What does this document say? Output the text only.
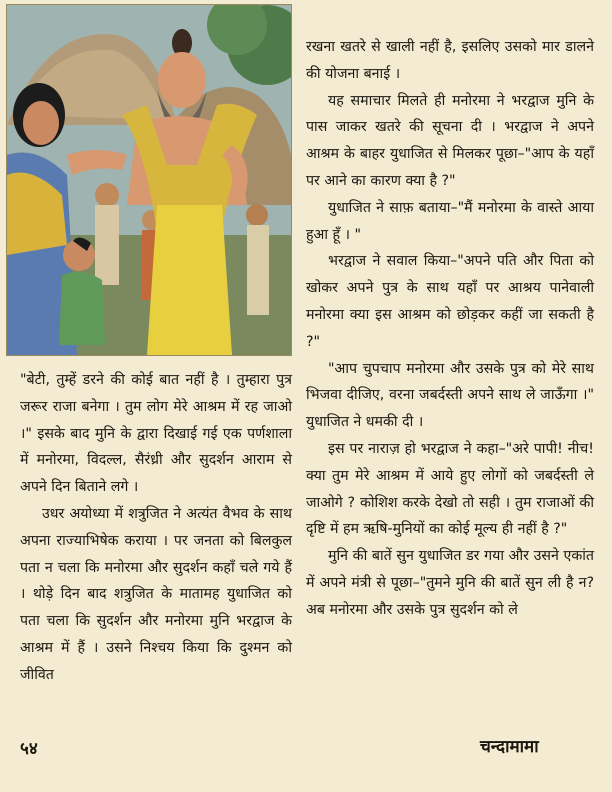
रखना खतरे से खाली नहीं है, इसलिए उसको मार डालने की योजना बनाई ।

यह समाचार मिलते ही मनोरमा ने भरद्वाज मुनि के पास जाकर खतरे की सूचना दी । भरद्वाज ने अपने आश्रम के बाहर युधाजित से मिलकर पूछा–"आप के यहाँ पर आने का कारण क्या है ?"

युधाजित ने साफ़ बताया–"मैं मनोरमा के वास्ते आया हुआ हूँ । "

भरद्वाज ने सवाल किया–"अपने पति और पिता को खोकर अपने पुत्र के साथ यहाँ पर आश्रय पानेवाली मनोरमा क्या इस आश्रम को छोड़कर कहीं जा सकती है ?"

"आप चुपचाप मनोरमा और उसके पुत्र को मेरे साथ भिजवा दीजिए, वरना जबर्दस्ती अपने साथ ले जाऊँगा ।" युधाजित ने धमकी दी ।

इस पर नाराज़ हो भरद्वाज ने कहा–"अरे पापी! नीच! क्या तुम मेरे आश्रम में आये हुए लोगों को जबर्दस्ती ले जाओगे ? कोशिश करके देखो तो सही । तुम राजाओं की दृष्टि में हम ऋषि-मुनियों का कोई मूल्य ही नहीं है ?"

मुनि की बातें सुन युधाजित डर गया और उसने एकांत में अपने मंत्री से पूछा–"तुमने मुनि की बातें सुन ली है न? अब मनोरमा और उसके पुत्र सुदर्शन को ले

"बेटी, तुम्हें डरने की कोई बात नहीं है । तुम्हारा पुत्र जरूर राजा बनेगा । तुम लोग मेरे आश्रम में रह जाओ ।" इसके बाद मुनि के द्वारा दिखाई गई एक पर्णशाला में मनोरमा, विदल्ल, सैरंध्री और सुदर्शन आराम से अपने दिन बिताने लगे ।

उधर अयोध्या में शत्रुजित ने अत्यंत वैभव के साथ अपना राज्याभिषेक कराया । पर जनता को बिलकुल पता न चला कि मनोरमा और सुदर्शन कहाँ चले गये हैं । थोड़े दिन बाद शत्रुजित के मातामह युधाजित को पता चला कि सुदर्शन और मनोरमा मुनि भरद्वाज के आश्रम में हैं । उसने निश्चय किया कि दुश्मन को जीवित

५४	चन्दामामा
